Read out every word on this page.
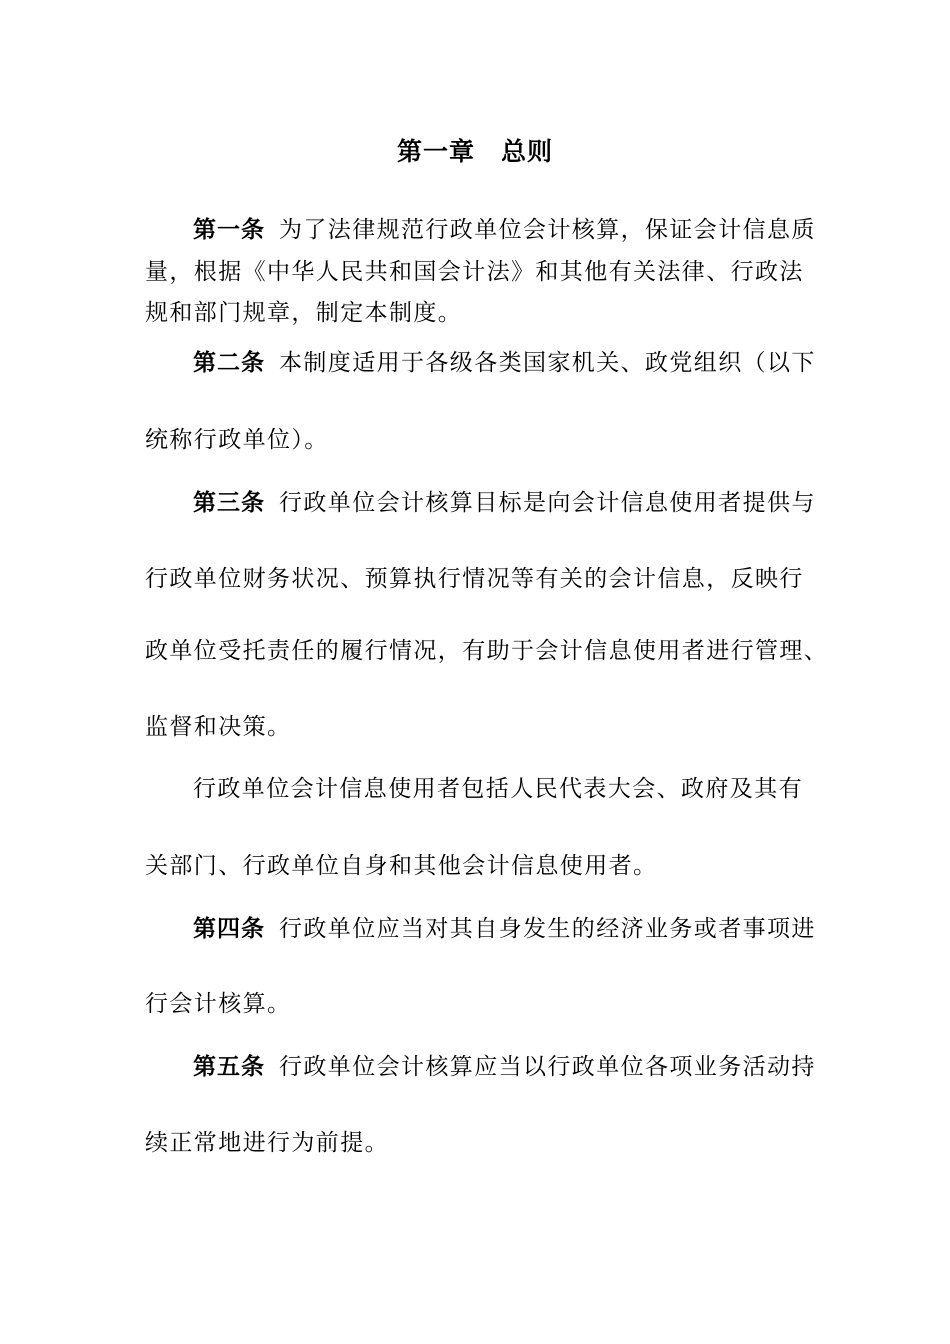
第一章 总则
第一条 为了法律规范行政单位会计核算，保证会计信息质
量，根据《中华人民共和国会计法》和其他有关法律、行政法
规和部门规章，制定本制度。
第二条 本制度适用于各级各类国家机关、政党组织（以下
统称行政单位）。
第三条 行政单位会计核算目标是向会计信息使用者提供与
行政单位财务状况、预算执行情况等有关的会计信息，反映行
政单位受托责任的履行情况，有助于会计信息使用者进行管理、
监督和决策。
行政单位会计信息使用者包括人民代表大会、政府及其有
关部门、行政单位自身和其他会计信息使用者。
第四条 行政单位应当对其自身发生的经济业务或者事项进
行会计核算。
第五条 行政单位会计核算应当以行政单位各项业务活动持
续正常地进行为前提。
